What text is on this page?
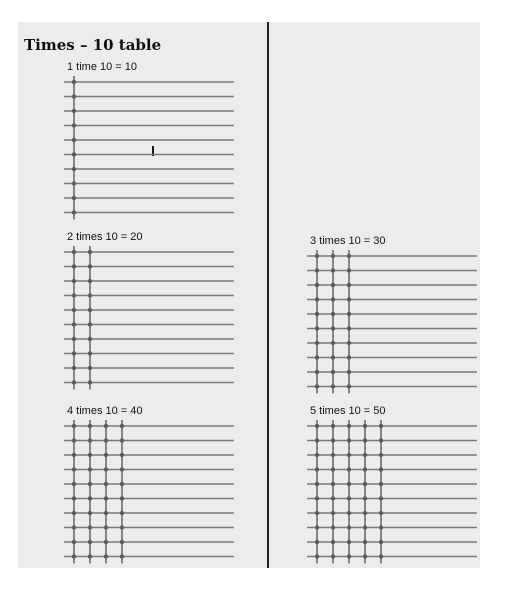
Times – 10 table
1 time 10 = 10
2 times 10 = 20	3 times 10 = 30
4 times 10 = 40	5 times 10 = 50
